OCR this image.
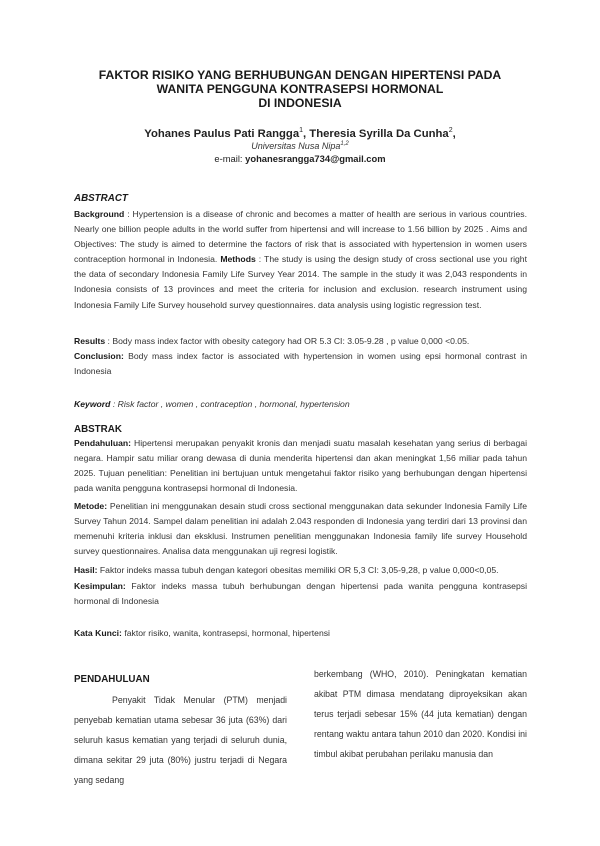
FAKTOR RISIKO YANG BERHUBUNGAN DENGAN HIPERTENSI PADA
WANITA PENGGUNA KONTRASEPSI HORMONAL
DI INDONESIA
Yohanes Paulus Pati Rangga$^1$, Theresia Syrilla Da Cunha$^2$,
Universitas Nusa Nipa$^{1,2}$
e-mail: yohanesrangga734@gmail.com
ABSTRACT
Background : Hypertension is a disease of chronic and becomes a matter of health are serious in various countries. Nearly one billion people adults in the world suffer from hipertensi and will increase to 1.56 billion by 2025 . Aims and Objectives: The study is aimed to determine the factors of risk that is associated with hypertension in women users contraception hormonal in Indonesia. Methods : The study is using the design study of cross sectional use you right the data of secondary Indonesia Family Life Survey Year 2014. The sample in the study it was 2,043 respondents in Indonesia consists of 13 provinces and meet the criteria for inclusion and exclusion. research instrument using Indonesia Family Life Survey household survey questionnaires. data analysis using logistic regression test.
Results : Body mass index factor with obesity category had OR 5.3 CI: 3.05-9.28 , p value 0,000 <0.05.
Conclusion: Body mass index factor is associated with hypertension in women using epsi hormonal contrast in Indonesia
Keyword : Risk factor , women , contraception , hormonal, hypertension
ABSTRAK
Pendahuluan: Hipertensi merupakan penyakit kronis dan menjadi suatu masalah kesehatan yang serius di berbagai negara. Hampir satu miliar orang dewasa di dunia menderita hipertensi dan akan meningkat 1,56 miliar pada tahun 2025. Tujuan penelitian: Penelitian ini bertujuan untuk mengetahui faktor risiko yang berhubungan dengan hipertensi pada wanita pengguna kontrasepsi hormonal di Indonesia.
Metode: Penelitian ini menggunakan desain studi cross sectional menggunakan data sekunder Indonesia Family Life Survey Tahun 2014. Sampel dalam penelitian ini adalah 2.043 responden di Indonesia yang terdiri dari 13 provinsi dan memenuhi kriteria inklusi dan eksklusi. Instrumen penelitian menggunakan Indonesia family life survey Household survey questionnaires. Analisa data menggunakan uji regresi logistik.
Hasil: Faktor indeks massa tubuh dengan kategori obesitas memiliki OR 5,3 CI: 3,05-9,28, p value 0,000<0,05.
Kesimpulan: Faktor indeks massa tubuh berhubungan dengan hipertensi pada wanita pengguna kontrasepsi hormonal di Indonesia
Kata Kunci: faktor risiko, wanita, kontrasepsi, hormonal, hipertensi
PENDAHULUAN
Penyakit Tidak Menular (PTM) menjadi penyebab kematian utama sebesar 36 juta (63%) dari seluruh kasus kematian yang terjadi di seluruh dunia, dimana sekitar 29 juta (80%) justru terjadi di Negara yang sedang
berkembang (WHO, 2010). Peningkatan kematian akibat PTM dimasa mendatang diproyeksikan akan terus terjadi sebesar 15% (44 juta kematian) dengan rentang waktu antara tahun 2010 dan 2020. Kondisi ini timbul akibat perubahan perilaku manusia dan
